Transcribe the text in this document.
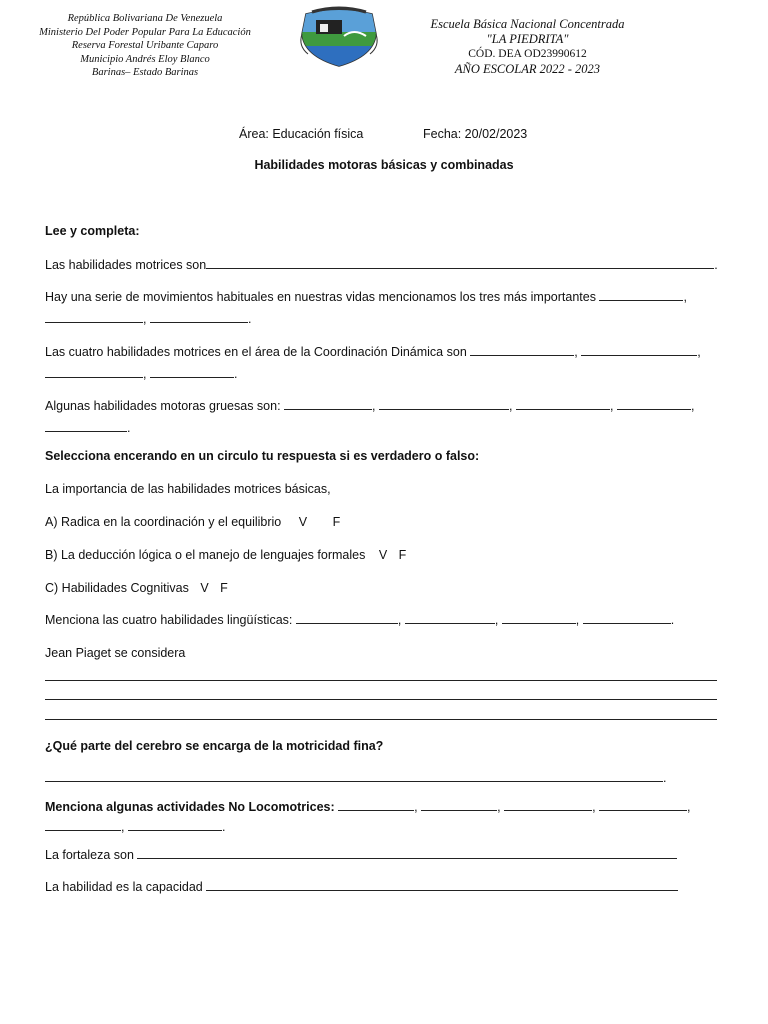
República Bolivariana De Venezuela
Ministerio Del Poder Popular Para La Educación
Reserva Forestal Uribante Caparo
Municipio Andrés Eloy Blanco
Barinas– Estado Barinas
Escuela Básica Nacional Concentrada
"LA PIEDRITA"
CÓD. DEA OD23990612
AÑO ESCOLAR 2022 - 2023
Área: Educación física	Fecha: 20/02/2023
Habilidades motoras básicas y combinadas
Lee y completa:
Las habilidades motrices son	.
Hay una serie de movimientos habituales en nuestras vidas mencionamos los tres más importantes	,
,	.
Las cuatro habilidades motrices en el área de la Coordinación Dinámica son	,	,
,	.
Algunas habilidades motoras gruesas son:	,	,	,	,
.
Selecciona encerando en un circulo tu respuesta si es verdadero o falso:
La importancia de las habilidades motrices básicas,
A) Radica en la coordinación y el equilibrio V F
B) La deducción lógica o el manejo de lenguajes formales V F
C) Habilidades Cognitivas V F
Menciona las cuatro habilidades lingüísticas:	,	,	,	.
Jean Piaget se considera
¿Qué parte del cerebro se encarga de la motricidad fina?
.
Menciona algunas actividades No Locomotrices:	,	,	,	,
,	.
La fortaleza son
La habilidad es la capacidad
